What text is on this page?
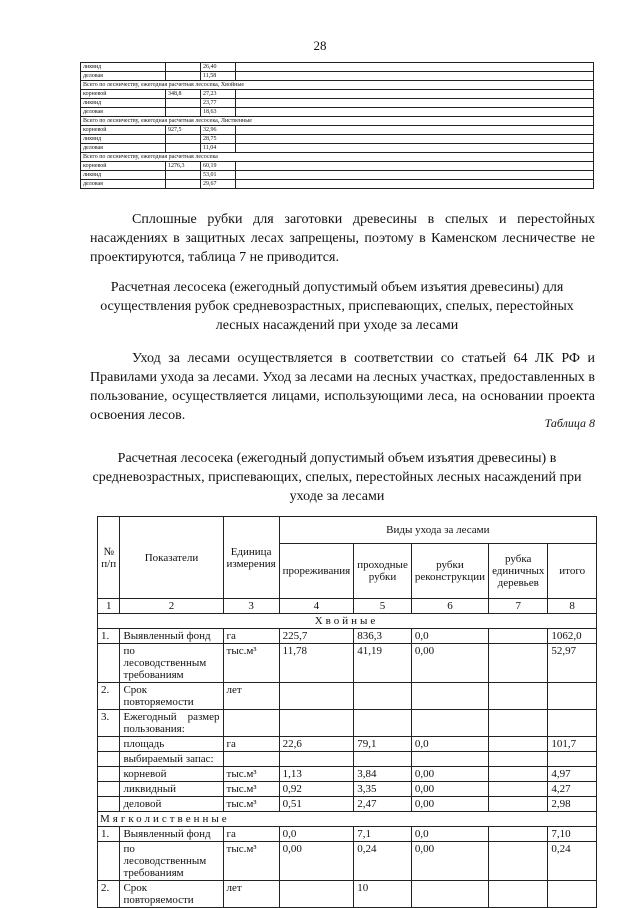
28
ликвид		26,40	
деловая		11,58	
Всего по лесничеству, ежегодная расчетная лесосека, Хвойные			
корневой	348,8	27,23	
ликвид		23,77	
деловая		18,63	
Всего по лесничеству, ежегодная расчетная лесосека, Лиственные			
корневой	927,5	32,96	
ликвид		28,75	
деловая		11,04	
Всего по лесничеству, ежегодная расчетная лесосека			
корневой	1276,3	60,19	
ликвид		53,01	
деловая		29,67	

Сплошные рубки для заготовки древесины в спелых и перестойных насаждениях в защитных лесах запрещены, поэтому в Каменском лесничестве не проектируются, таблица 7 не приводится.

Расчетная лесосека (ежегодный допустимый объем изъятия древесины) для осуществления рубок средневозрастных, приспевающих, спелых, перестойных лесных насаждений при уходе за лесами

Уход за лесами осуществляется в соответствии со статьей 64 ЛК РФ и Правилами ухода за лесами. Уход за лесами на лесных участках, предоставленных в пользование, осуществляется лицами, использующими леса, на основании проекта освоения лесов.	Таблица 8
Расчетная лесосека (ежегодный допустимый объем изъятия древесины) в средневозрастных, приспевающих, спелых, перестойных лесных насаждений при уходе за лесами
№ п/п	Показатели	Единица измерения	Виды ухода за лесами				
			прореживания	проходные рубки	рубки реконструкции	рубка единичных деревьев	итого
1	2	3	4	5	6	7	8
Хвойные							
1.	Выявленный фонд	га	225,7	836,3	0,0		1062,0
	по лесоводственным требованиям	тыс.м³	11,78	41,19	0,00		52,97
2.	Срок повторяемости	лет					
3.	Ежегодный размер пользования:						
	площадь	га	22,6	79,1	0,0		101,7
	выбираемый запас:						
	корневой	тыс.м³	1,13	3,84	0,00		4,97
	ликвидный	тыс.м³	0,92	3,35	0,00		4,27
	деловой	тыс.м³	0,51	2,47	0,00		2,98
Мягколиственные							
1.	Выявленный фонд	га	0,0	7,1	0,0		7,10
	по лесоводственным требованиям	тыс.м³	0,00	0,24	0,00		0,24
2.	Срок повторяемости	лет		10			
